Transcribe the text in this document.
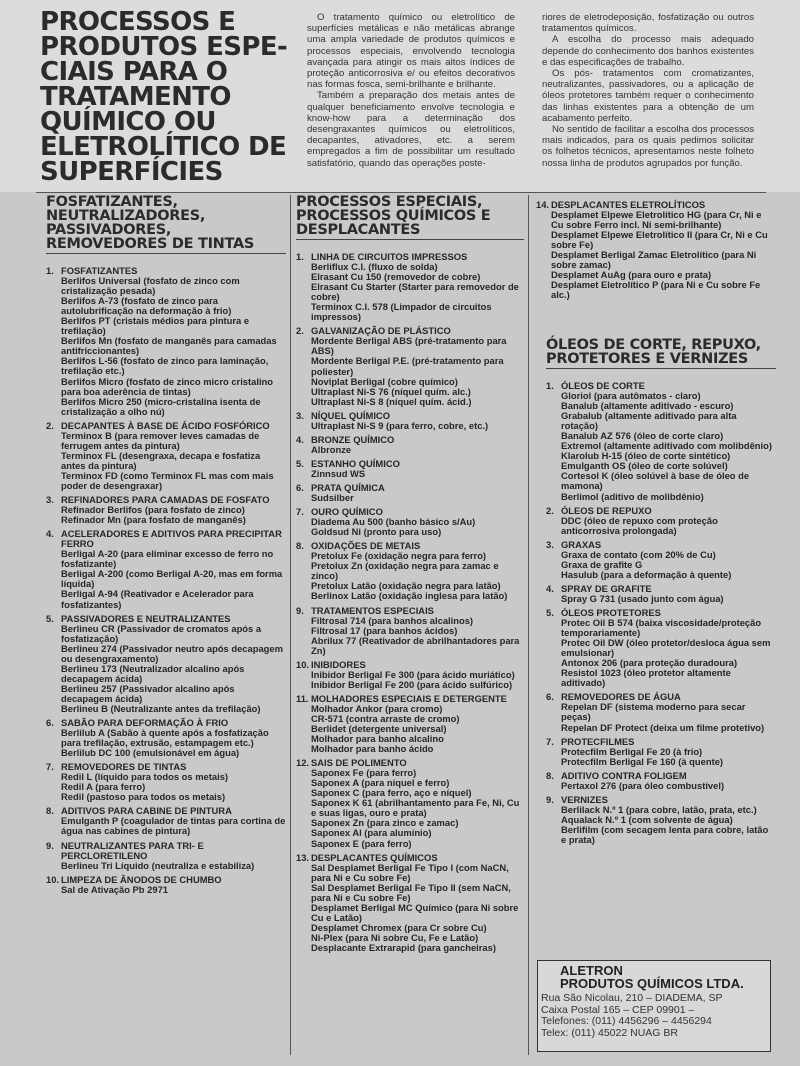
PROCESSOS E PRODUTOS ESPE-CIAIS PARA O TRATAMENTO QUÍMICO OU ELETROLÍTICO DE SUPERFÍCIES

O tratamento químico ou eletrolítico de superfícies metálicas e não metálicas abrange uma ampla variedade de produtos químicos e processos especiais, envolvendo tecnologia avançada para atingir os mais altos índices de proteção anticorrosiva e/ ou efeitos decorativos nas formas fosca, semi-brilhante e brilhante.

Também a preparação dos metais antes de qualquer beneficiamento envolve tecnologia e know-how para a determinação dos desengraxantes químicos ou eletrolíticos, decapantes, ativadores, etc. a serem empregados a fim de possibilitar um resultado satisfatório, quando das operações poste-

riores de eletrodeposição, fosfatização ou outros tratamentos químicos.

A escolha do processo mais adequado depende do conhecimento dos banhos existentes e das especificações de trabalho.

Os pós- tratamentos com cromatizantes, neutralizantes, passivadores, ou a aplicação de óleos protetores também requer o conhecimento das linhas existentes para a obtenção de um acabamento perfeito.

No sentido de facilitar a escolha dos processos mais indicados, para os quais pedimos solicitar os folhetos técnicos, apresentamos neste folheto nossa linha de produtos agrupados por função.

FOSFATIZANTES, NEUTRALIZADORES, PASSIVADORES, REMOVEDORES DE TINTAS
1. FOSFATIZANTES
Berlifos Universal (fosfato de zinco com cristalização pesada)
Berlifos A-73 (fosfato de zinco para autolubrificação na deformação à frio)
Berlifos PT (cristais médios para pintura e trefilação)
Berlifos Mn (fosfato de manganês para camadas antifriccionantes)
Berlifos L-56 (fosfato de zinco para laminação, trefilação etc.)
Berlifos Micro (fosfato de zinco micro cristalino para boa aderência de tintas)
Berlifos Micro 250 (micro-cristalina isenta de cristalização a olho nú)
2. DECAPANTES À BASE DE ÁCIDO FOSFÓRICO
Terminox B (para remover leves camadas de ferrugem antes da pintura)
Terminox FL (desengraxa, decapa e fosfatiza antes da pintura)
Terminox FD (como Terminox FL mas com mais poder de desengraxar)
3. REFINADORES PARA CAMADAS DE FOSFATO
Refinador Berlifos (para fosfato de zinco)
Refinador Mn (para fosfato de manganês)
4. ACELERADORES E ADITIVOS PARA PRECIPITAR FERRO
Berligal A-20 (para eliminar excesso de ferro no fosfatizante)
Berligal A-200 (como Berligal A-20, mas em forma líquida)
Berligal A-94 (Reativador e Acelerador para fosfatizantes)
5. PASSIVADORES E NEUTRALIZANTES
Berlineu CR (Passivador de cromatos após a fosfatização)
Berlineu 274 (Passivador neutro após decapagem ou desengraxamento)
Berlineu 173 (Neutralizador alcalino após decapagem ácida)
Berlineu 257 (Passivador alcalino após decapagem ácida)
Berlineu B (Neutralizante antes da trefilação)
6. SABÃO PARA DEFORMAÇÃO À FRIO
Berlilub A (Sabão à quente após a fosfatização para trefilação, extrusão, estampagem etc.)
Berlilub DC 100 (emulsionável em água)
7. REMOVEDORES DE TINTAS
Redil L (líquido para todos os metais)
Redil A (para ferro)
Redil (pastoso para todos os metais)
8. ADITIVOS PARA CABINE DE PINTURA
Emulganth P (coagulador de tintas para cortina de água nas cabines de pintura)
9. NEUTRALIZANTES PARA TRI- E PERCLORETILENO
Berlineu Tri Líquido (neutraliza e estabiliza)
10. LIMPEZA DE ÂNODOS DE CHUMBO
Sal de Ativação Pb 2971
PROCESSOS ESPECIAIS, PROCESSOS QUÍMICOS E DESPLACANTES
1. LINHA DE CIRCUITOS IMPRESSOS
Berliflux C.I. (fluxo de solda)
Elrasant Cu 150 (removedor de cobre)
Elrasant Cu Starter (Starter para removedor de cobre)
Terminox C.I. 578 (Limpador de circuitos impressos)
2. GALVANIZAÇÃO DE PLÁSTICO
Mordente Berligal ABS (pré-tratamento para ABS)
Mordente Berligal P.E. (pré-tratamento para poliester)
Noviplat Berligal (cobre químico)
Ultraplast Ni-S 76 (níquel quím. alc.)
Ultraplast Ni-S 8 (níquel quím. ácid.)
3. NÍQUEL QUÍMICO
Ultraplast Ni-S 9 (para ferro, cobre, etc.)
4. BRONZE QUÍMICO
Albronze
5. ESTANHO QUÍMICO
Zinnsud WS
6. PRATA QUÍMICA
Sudsilber
7. OURO QUÍMICO
Diadema Au 500 (banho básico s/Au)
Goldsud Ni (pronto para uso)
8. OXIDAÇÕES DE METAIS
Pretolux Fe (oxidação negra para ferro)
Pretolux Zn (oxidação negra para zamac e zinco)
Pretolux Latão (oxidação negra para latão)
Berlinox Latão (oxidação inglesa para latão)
9. TRATAMENTOS ESPECIAIS
Filtrosal 714 (para banhos alcalinos)
Filtrosal 17 (para banhos ácidos)
Abrilux 77 (Reativador de abrilhantadores para Zn)
10. INIBIDORES
Inibidor Berligal Fe 300 (para ácido muriático)
Inibidor Berligal Fe 200 (para ácido sulfúrico)
11. MOLHADORES ESPECIAIS E DETERGENTE
Molhador Ankor (para cromo)
CR-571 (contra arraste de cromo)
Berlidet (detergente universal)
Molhador para banho alcalino
Molhador para banho ácido
12. SAIS DE POLIMENTO
Saponex Fe (para ferro)
Saponex A (para níquel e ferro)
Saponex C (para ferro, aço e níquel)
Saponex K 61 (abrilhantamento para Fe, Ni, Cu e suas ligas, ouro e prata)
Saponex Zn (para zinco e zamac)
Saponex Al (para alumínio)
Saponex E (para ferro)
13. DESPLACANTES QUÍMICOS
Sal Desplamet Berligal Fe Tipo I (com NaCN, para Ni e Cu sobre Fe)
Sal Desplamet Berligal Fe Tipo II (sem NaCN, para Ni e Cu sobre Fe)
Desplamet Berligal MC Químico (para Ni sobre Cu e Latão)
Desplamet Chromex (para Cr sobre Cu)
Ni-Plex (para Ni sobre Cu, Fe e Latão)
Desplacante Extrarapid (para gancheiras)
14. DESPLACANTES ELETROLÍTICOS
Desplamet Elpewe Eletrolítico HG (para Cr, Ni e Cu sobre Ferro incl. Ni semi-brilhante)
Desplamet Elpewe Eletrolítico II (para Cr, Ni e Cu sobre Fe)
Desplamet Berligal Zamac Eletrolítico (para Ni sobre zamac)
Desplamet AuAg (para ouro e prata)
Desplamet Eletrolítico P (para Ni e Cu sobre Fe alc.)
ÓLEOS DE CORTE, REPUXO, PROTETORES E VERNIZES
1. ÓLEOS DE CORTE
Gloriol (para autômatos - claro)
Banalub (altamente aditivado - escuro)
Grabalub (altamente aditivado para alta rotação)
Banalub AZ 576 (óleo de corte claro)
Extremol (altamente aditivado com molibdênio)
Klarolub H-15 (óleo de corte sintético)
Emulganth OS (óleo de corte solúvel)
Cortesol K (óleo solúvel à base de óleo de mamona)
Berlimol (aditivo de molibdênio)
2. ÓLEOS DE REPUXO
DDC (óleo de repuxo com proteção anticorrosiva prolongada)
3. GRAXAS
Graxa de contato (com 20% de Cu)
Graxa de grafite G
Hasulub (para a deformação à quente)
4. SPRAY DE GRAFITE
Spray G 731 (usado junto com água)
5. ÓLEOS PROTETORES
Protec Oil B 574 (baixa viscosidade/proteção temporariamente)
Protec Oil DW (óleo protetor/desloca água sem emulsionar)
Antonox 206 (para proteção duradoura)
Resistol 1023 (óleo protetor altamente aditivado)
6. REMOVEDORES DE ÁGUA
Repelan DF (sistema moderno para secar peças)
Repelan DF Protect (deixa um filme protetivo)
7. PROTECFILMES
Protecfilm Berligal Fe 20 (à frio)
Protecfilm Berligal Fe 160 (à quente)
8. ADITIVO CONTRA FOLIGEM
Pertaxol 276 (para óleo combustível)
9. VERNIZES
Berlilack N.º 1 (para cobre, latão, prata, etc.)
Aqualack N.º 1 (com solvente de água)
Berlifilm (com secagem lenta para cobre, latão e prata)
ALETRON
PRODUTOS QUÍMICOS LTDA.
Rua São Nicolau, 210 – DIADEMA, SP
Caixa Postal 165 – CEP 09901 –
Telefones: (011) 4456296 – 4456294
Telex: (011) 45022 NUAG BR
